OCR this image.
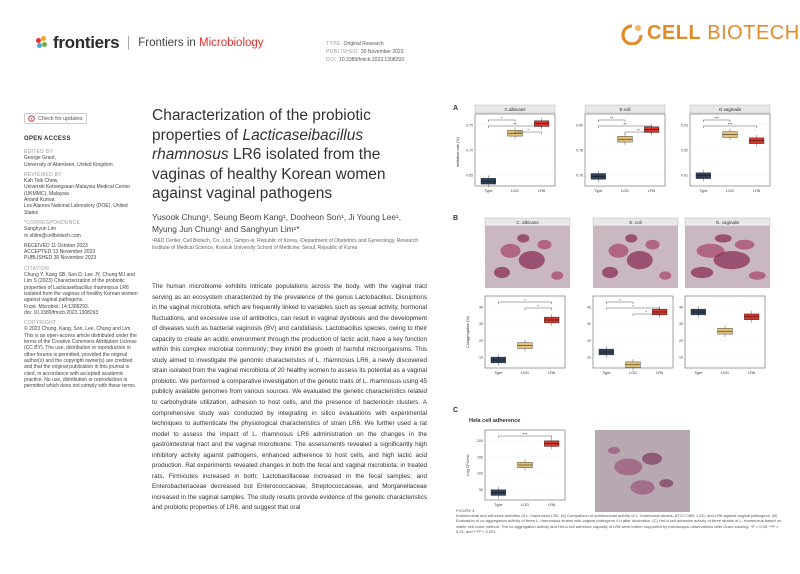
frontiers Frontiers in Microbiology	TYPE Original Research
PUBLISHED 30 November 2023
DOI 10.3389/fmicb.2023.1308293
CELL BIOTECH
Check for updates
OPEN ACCESS
EDITED BY
George Grant,
University of Aberdeen, United Kingdom
REVIEWED BY
Kah Teik Chew,
Universiti Kebangsaan Malaysia Medical Center (UKMMC), Malaysia
Anand Kumar,
Los Alamos National Laboratory (DOE), United States
*CORRESPONDENCE
Sanghyun Lim
✉ shlim@cellbiotech.com
RECEIVED 11 October 2023
ACCEPTED 13 November 2023
PUBLISHED 30 November 2023
CITATION
Chung Y, Kang SB, Son D, Lee JY, Chung MJ and Lim S (2023) Characterization of the probiotic properties of Lacticaseibacillus rhamnosus LR6 isolated from the vaginas of healthy Korean women against vaginal pathogens.
Front. Microbiol. 14:1308293.
doi: 10.3389/fmicb.2023.1308293
COPYRIGHT
© 2023 Chung, Kang, Son, Lee, Chung and Lim. This is an open-access article distributed under the terms of the Creative Commons Attribution License (CC BY). The use, distribution or reproduction in other forums is permitted, provided the original author(s) and the copyright owner(s) are credited and that the original publication in this journal is cited, in accordance with accepted academic practice. No use, distribution or reproduction is permitted which does not comply with these terms.
Characterization of the probiotic properties of Lacticaseibacillus rhamnosus LR6 isolated from the vaginas of healthy Korean women against vaginal pathogens
Yusook Chung¹, Seung Beom Kang¹, Dooheon Son¹, Ji Young Lee¹, Myung Jun Chung¹ and Sanghyun Lim¹*
¹R&D Center, Cell Biotech, Co., Ltd., Gimpo-si, Republic of Korea, ²Department of Obstetrics and Gynecology, Research Institute of Medical Science, Konkuk University School of Medicine, Seoul, Republic of Korea
The human microbiome exhibits intricate populations across the body, with the vaginal tract serving as an ecosystem characterized by the prevalence of the genus Lactobacillus. Disruptions in the vaginal microbiota, which are frequently linked to variables such as sexual activity, hormonal fluctuations, and excessive use of antibiotics, can result in vaginal dysbiosis and the development of diseases such as bacterial vaginosis (BV) and candidiasis. Lactobacillus species, owing to their capacity to create an acidic environment through the production of lactic acid, have a key function within this complex microbial community; they inhibit the growth of harmful microorganisms. This study aimed to investigate the genomic characteristics of L. rhamnosus LR6, a newly discovered strain isolated from the vaginal microbiota of 20 healthy women to assess its potential as a vaginal probiotic. We performed a comparative investigation of the genetic traits of L. rhamnosus using 45 publicly available genomes from various sources. We evaluated the genetic characteristics related to carbohydrate utilization, adhesion to host cells, and the presence of bacteriocin clusters. A comprehensive study was conducted by integrating in silico evaluations with experimental techniques to authenticate the physiological characteristics of strain LR6. We further used a rat model to assess the impact of L. rhamnosus LR6 administration on the changes in the gastrointestinal tract and the vaginal microbiome. The assessments revealed a significantly high inhibitory activity against pathogens, enhanced adherence to host cells, and high lactic acid production. Rat experiments revealed changes in both the fecal and vaginal microbiota; in treated rats, Firmicutes increased in both; Lactobacillaceae increased in the fecal samples; and Enterobacteriaceae decreased but Enterococcaceae, Streptococcaceae, and Morganellaceae increased in the vaginal samples. The study results provide evidence of the genetic characteristics and probiotic properties of LR6, and suggest that oral
A
B
C
C.albicans
0.75
0.70
0.65
Type	LGG	LR6
*
**
*
E.coli
0.80
0.78
0.76
Type	LGG	LR6
**
**
**
G.vaginalis
0.93
0.92
0.91
Type	LGG	LR6
***
***
Inhibition rate (%)
C. albicans	E. coli	G. vaginalis
40
30
20
10
Type	LGG	LR6
*
*	40
30
20
10
Type	LGG	LR6
*
*
*
40
30
20
10
Type	LGG	LR6
Coaggregation (%)
Hela cell adherence
200
150
100
50
Type	LGG	LR6
***
Log CFU/mL
FIGURE 4
Antimicrobial and adhesive activities of L. rhamnosus LR6. (A) Comparison of antimicrobial activity of L. rhamnosus strains, ATCC7469, LGG, and LR6 against vaginal pathogens. (B) Evaluation of co-aggregation activity of three L. rhamnosus strains with vaginal pathogens 4 h after incubation. (C) HeLa cell-adhesive activity of three strains of L. rhamnosus based on viable cell count method. The co-aggregation activity and HeLa cell adhesive capacity of LR6 were further supported by microscopic observations after Gram staining. *P < 0.05, **P < 0.01, and ***P < 0.001.
